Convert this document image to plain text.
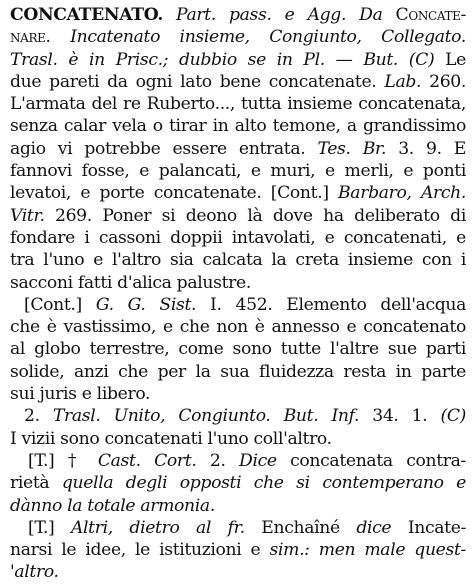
CONCATENATO. Part. pass. e Agg. Da Concate-
nare. Incatenato insieme, Congiunto, Collegato.
Trasl. è in Prisc.; dubbio se in Pl. — But. (C) Le
due pareti da ogni lato bene concatenate. Lab. 260.
L'armata del re Ruberto..., tutta insieme concatenata,
senza calar vela o tirar in alto temone, a grandissimo
agio vi potrebbe essere entrata. Tes. Br. 3. 9. E
fannovi fosse, e palancati, e muri, e merli, e ponti
levatoi, e porte concatenate. [Cont.] Barbaro, Arch.
Vitr. 269. Poner si deono là dove ha deliberato di
fondare i cassoni doppii intavolati, e concatenati, e
tra l'uno e l'altro sia calcata la creta insieme con i
sacconi fatti d'alica palustre.
[Cont.] G. G. Sist. I. 452. Elemento dell'acqua
che è vastissimo, e che non è annesso e concatenato
al globo terrestre, come sono tutte l'altre sue parti
solide, anzi che per la sua fluidezza resta in parte
sui juris e libero.
2. Trasl. Unito, Congiunto. But. Inf. 34. 1. (C)
I vizii sono concatenati l'uno coll'altro.
[T.] † Cast. Cort. 2. Dice concatenata contra-
rietà quella degli opposti che si contemperano e
dànno la totale armonia.
[T.] Altri, dietro al fr. Enchaîné dice Incate-
narsi le idee, le istituzioni e sim.: men male quest-
'altro.
